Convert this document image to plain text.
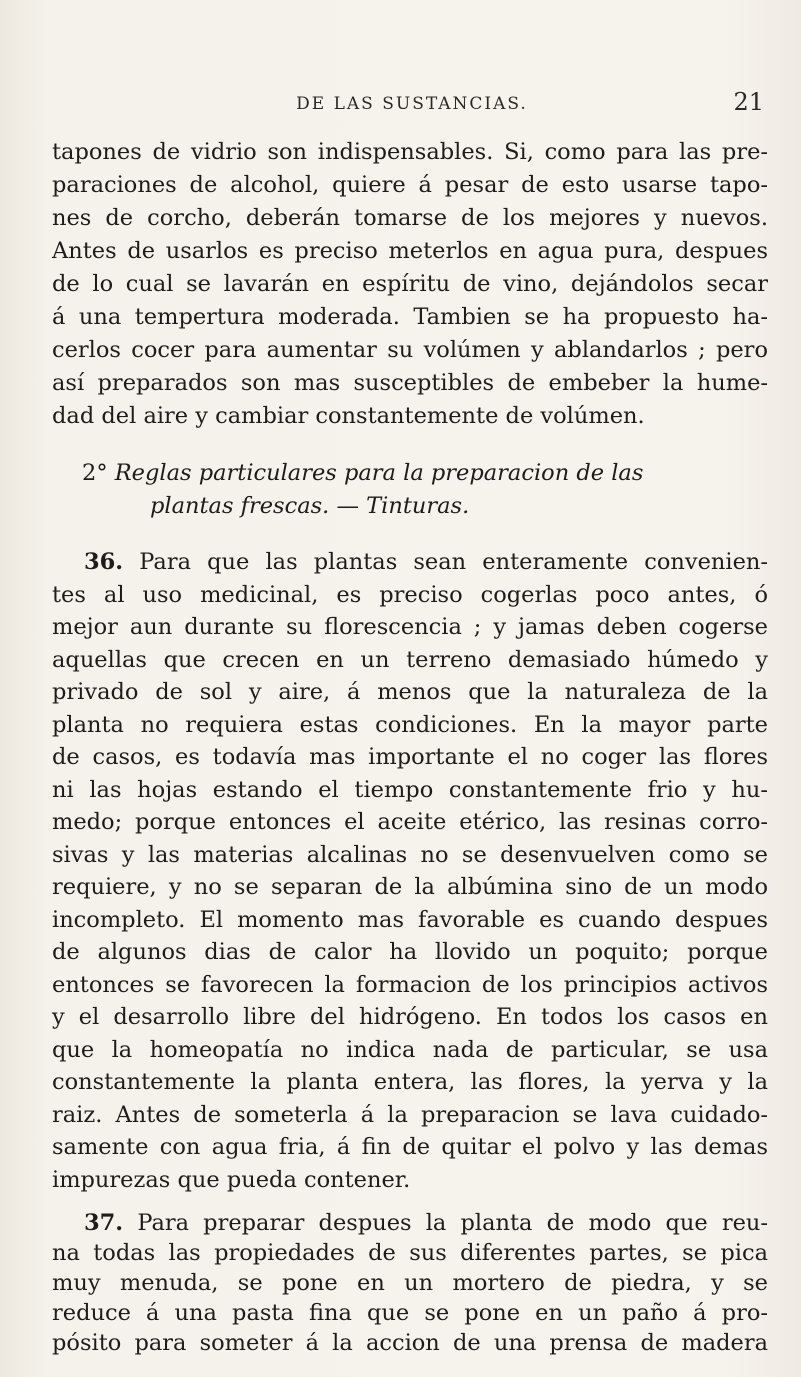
DE LAS SUSTANCIAS.	21
tapones de vidrio son indispensables. Si, como para las pre-
paraciones de alcohol, quiere á pesar de esto usarse tapo-
nes de corcho, deberán tomarse de los mejores y nuevos.
Antes de usarlos es preciso meterlos en agua pura, despues
de lo cual se lavarán en espíritu de vino, dejándolos secar
á una tempertura moderada. Tambien se ha propuesto ha-
cerlos cocer para aumentar su volúmen y ablandarlos ; pero
así preparados son mas susceptibles de embeber la hume-
dad del aire y cambiar constantemente de volúmen.
2° Reglas particulares para la preparacion de las
plantas frescas. — Tinturas.
36. Para que las plantas sean enteramente convenien-
tes al uso medicinal, es preciso cogerlas poco antes, ó
mejor aun durante su florescencia ; y jamas deben cogerse
aquellas que crecen en un terreno demasiado húmedo y
privado de sol y aire, á menos que la naturaleza de la
planta no requiera estas condiciones. En la mayor parte
de casos, es todavía mas importante el no coger las flores
ni las hojas estando el tiempo constantemente frio y hu-
medo; porque entonces el aceite etérico, las resinas corro-
sivas y las materias alcalinas no se desenvuelven como se
requiere, y no se separan de la albúmina sino de un modo
incompleto. El momento mas favorable es cuando despues
de algunos dias de calor ha llovido un poquito; porque
entonces se favorecen la formacion de los principios activos
y el desarrollo libre del hidrógeno. En todos los casos en
que la homeopatía no indica nada de particular, se usa
constantemente la planta entera, las flores, la yerva y la
raiz. Antes de someterla á la preparacion se lava cuidado-
samente con agua fria, á fin de quitar el polvo y las demas
impurezas que pueda contener.
37. Para preparar despues la planta de modo que reu-
na todas las propiedades de sus diferentes partes, se pica
muy menuda, se pone en un mortero de piedra, y se
reduce á una pasta fina que se pone en un paño á pro-
pósito para someter á la accion de una prensa de madera
